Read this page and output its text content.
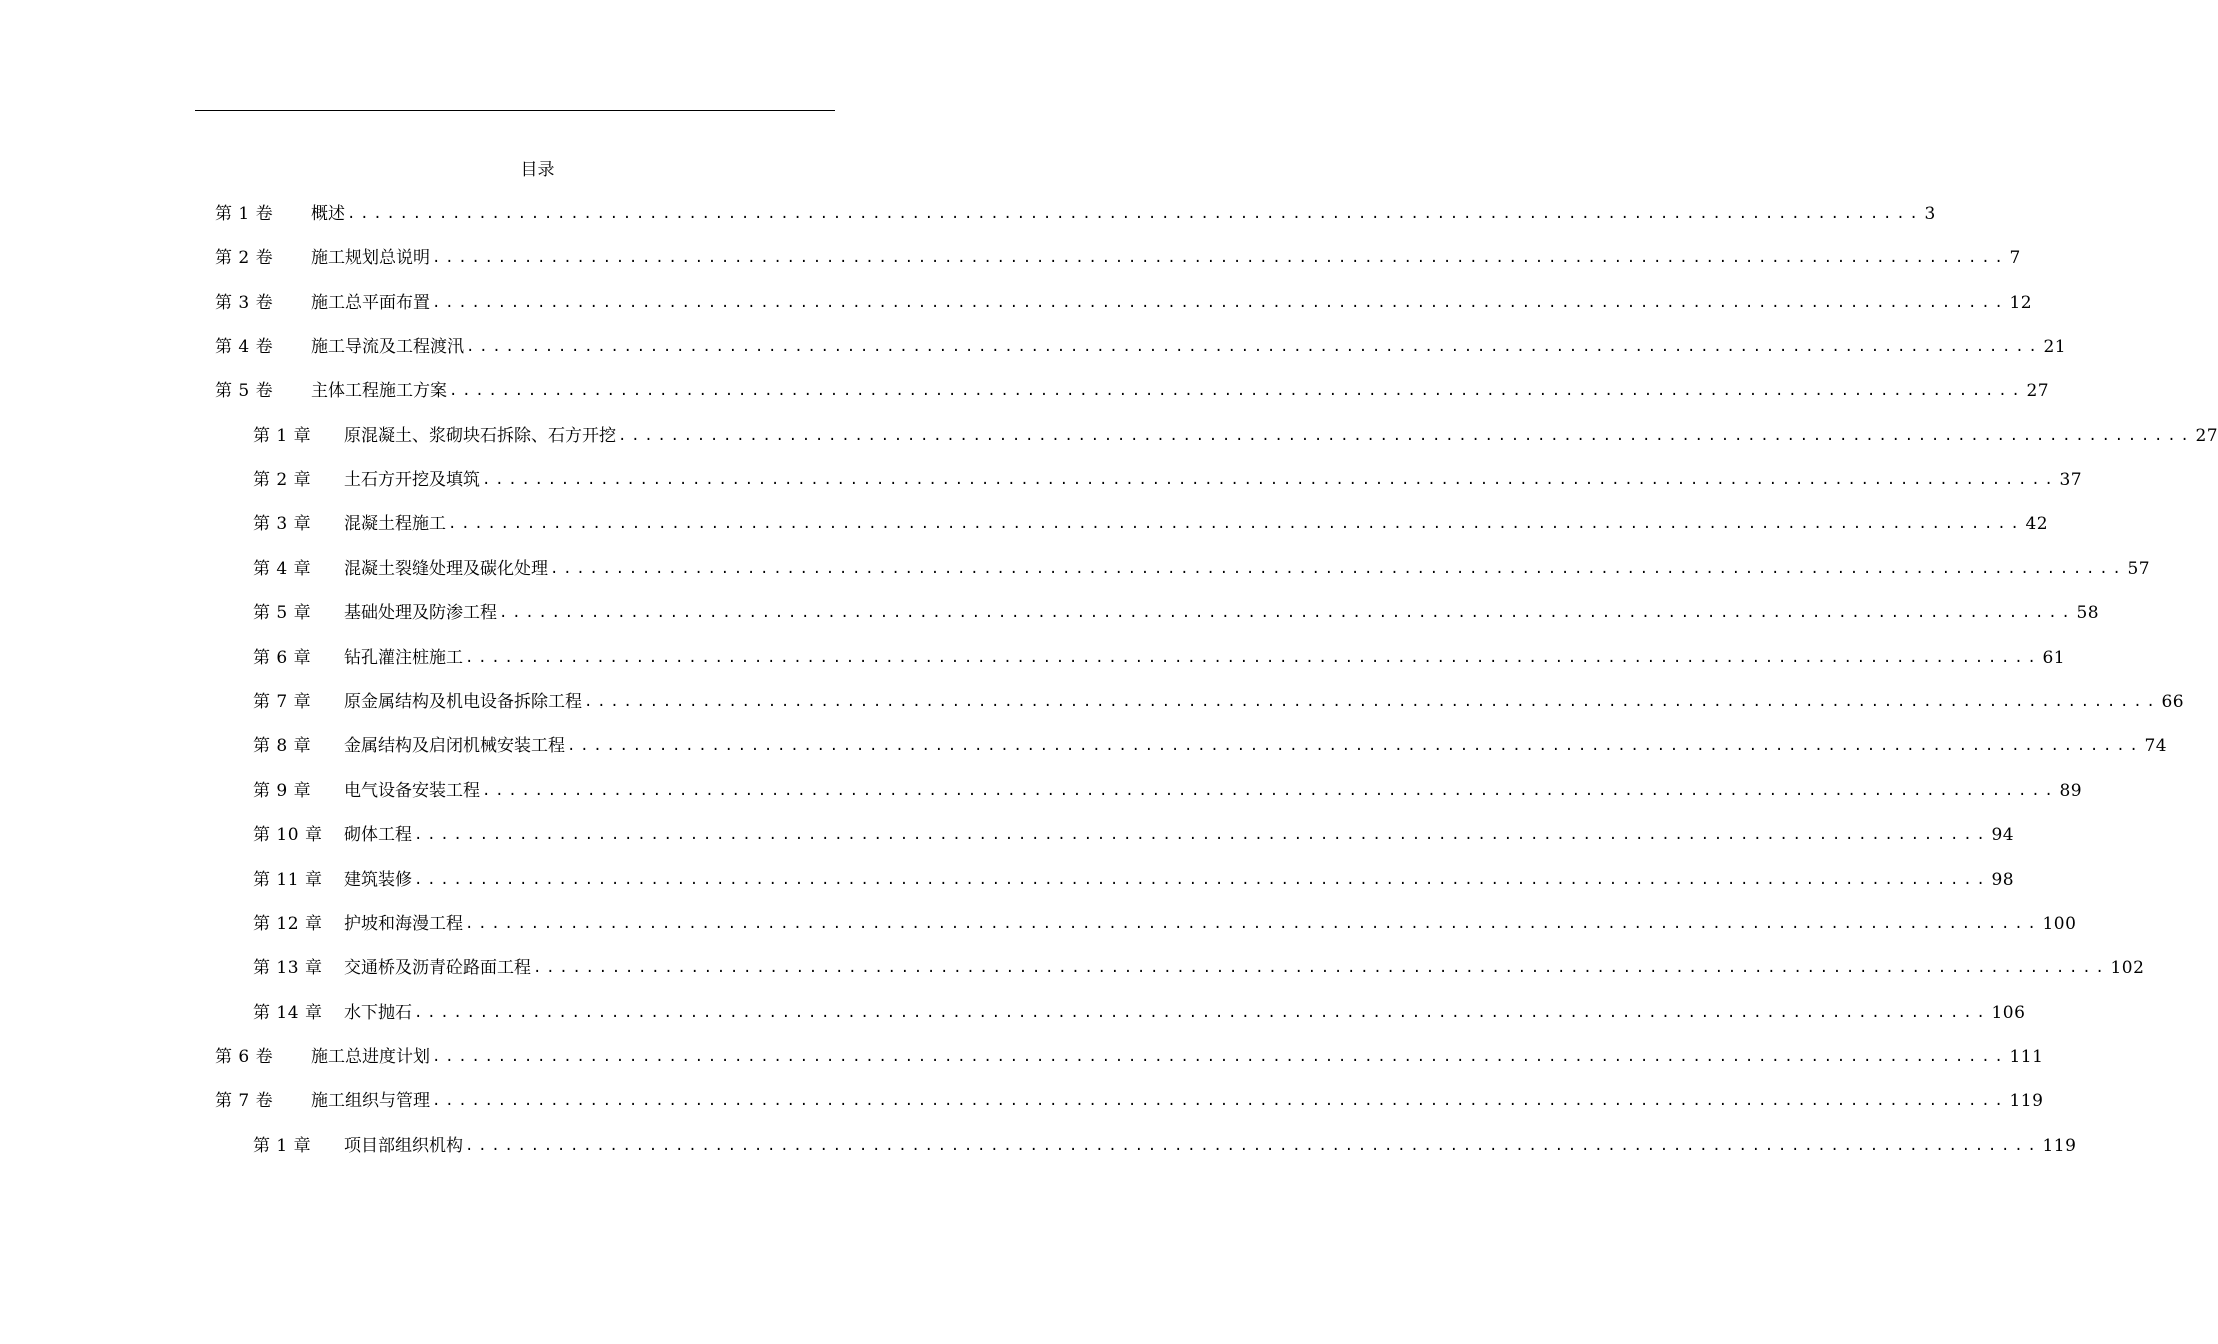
目录
第 1 卷	概述 ........................................................................................................................ 3
第 2 卷	施工规划总说明 ........................................................................................................................ 7
第 3 卷	施工总平面布置 ........................................................................................................................ 12
第 4 卷	施工导流及工程渡汛 ........................................................................................................................ 21
第 5 卷	主体工程施工方案 ........................................................................................................................ 27
第 1 章	原混凝土、浆砌块石拆除、石方开挖 ........................................................................................................................ 27
第 2 章	土石方开挖及填筑 ........................................................................................................................ 37
第 3 章	混凝土程施工 ........................................................................................................................ 42
第 4 章	混凝土裂缝处理及碳化处理 ........................................................................................................................ 57
第 5 章	基础处理及防渗工程 ........................................................................................................................ 58
第 6 章	钻孔灌注桩施工 ........................................................................................................................ 61
第 7 章	原金属结构及机电设备拆除工程 ........................................................................................................................ 66
第 8 章	金属结构及启闭机械安装工程 ........................................................................................................................ 74
第 9 章	电气设备安装工程 ........................................................................................................................ 89
第 10 章	砌体工程 ........................................................................................................................ 94
第 11 章	建筑装修 ........................................................................................................................ 98
第 12 章	护坡和海漫工程 ........................................................................................................................ 100
第 13 章	交通桥及沥青砼路面工程 ........................................................................................................................ 102
第 14 章	水下抛石 ........................................................................................................................ 106
第 6 卷	施工总进度计划 ........................................................................................................................ 111
第 7 卷	施工组织与管理 ........................................................................................................................ 119
第 1 章	项目部组织机构 ........................................................................................................................ 119
